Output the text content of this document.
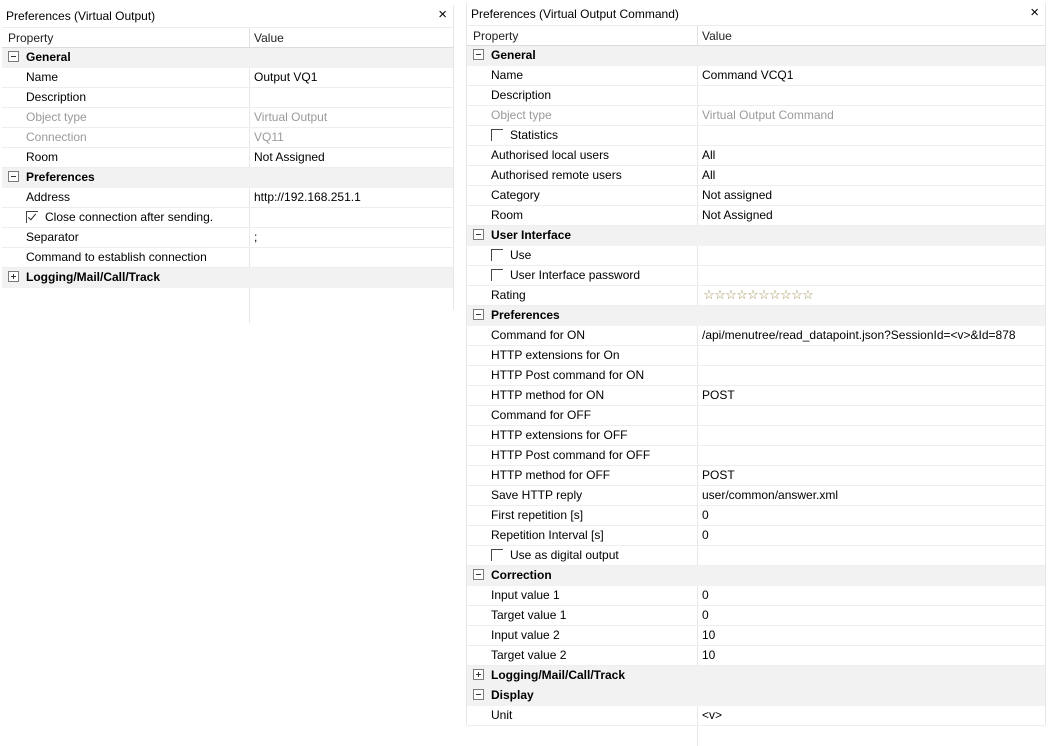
Preferences (Virtual Output)	×
Property	Value
General
Name	Output VQ1
Description
Object type	Virtual Output
Connection	VQ11
Room	Not Assigned
Preferences
Address	http://192.168.251.1
Close connection after sending.
Separator	;
Command to establish connection
Logging/Mail/Call/Track
Preferences (Virtual Output Command)	×
Property	Value
General
Name	Command VCQ1
Description
Object type	Virtual Output Command
Statistics
Authorised local users	All
Authorised remote users	All
Category	Not assigned
Room	Not Assigned
User Interface
Use
User Interface password
Rating	☆☆☆☆☆☆☆☆☆☆
Preferences
Command for ON	/api/menutree/read_datapoint.json?SessionId=<v>&Id=878
HTTP extensions for On
HTTP Post command for ON
HTTP method for ON	POST
Command for OFF
HTTP extensions for OFF
HTTP Post command for OFF
HTTP method for OFF	POST
Save HTTP reply	user/common/answer.xml
First repetition [s]	0
Repetition Interval [s]	0
Use as digital output
Correction
Input value 1	0
Target value 1	0
Input value 2	10
Target value 2	10
Logging/Mail/Call/Track
Display
Unit	<v>
